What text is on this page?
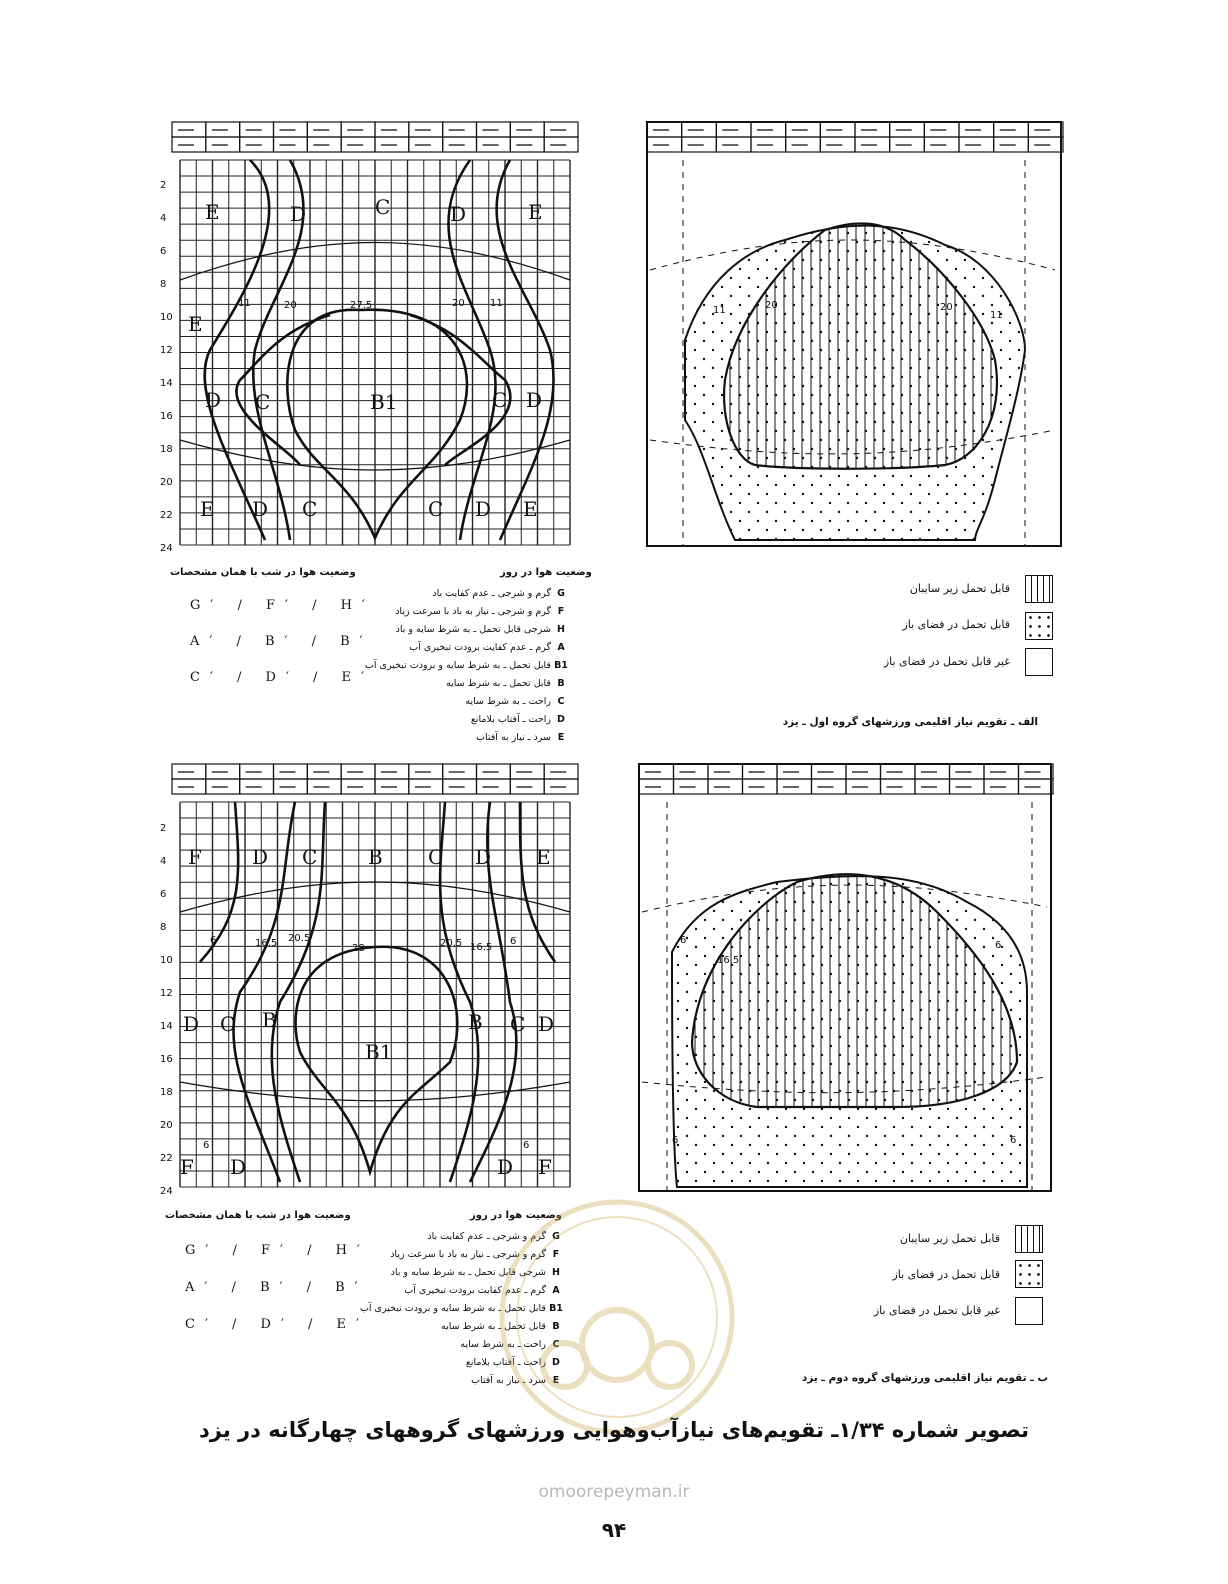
2
4
6
8
10
12
14
16
18
20
22
24
2
4
6
8
10
12
14
16
18
20
22
24
E	D	C	D	E
E
D C	B1	C D
E D C	C D E
11	20	27.5	20	11
11	20	20
11
F	D C	B C D E
D C B
B1
B C D
6
F D	D
6
F
6	16.5 20.5
28	20.5 16.5
6	6
16.5
6
6	6
وضعیت هوا در روز
وضعیت هوا در شب با همان مشخصات
G گرم و شرجی ـ عدم کفایت باد
F گرم و شرجی ـ نیاز به باد با سرعت زیاد
H شرجی قابل تحمل ـ به شرط سایه و باد
A گرم ـ عدم کفایت برودت تبخیری آب
B1 قابل تحمل ـ به شرط سایه و برودت تبخیری آب
B قابل تحمل ـ به شرط سایه
C راحت ـ به شرط سایه
D راحت ـ آفتاب بلامانع
E سرد ـ نیاز به آفتاب
G′ / F′ / H′
A′ / B′ / B′
C′ / D′ / E′
قابل تحمل زیر سایبان
قابل تحمل در فضای باز
غیر قابل تحمل در فضای باز
الف ـ تقویم نیاز اقلیمی ورزشهای گروه اول ـ یزد
وضعیت هوا در روز
وضعیت هوا در شب با همان مشخصات
G گرم و شرجی ـ عدم کفایت باد
F گرم و شرجی ـ نیاز به باد با سرعت زیاد
H شرجی قابل تحمل ـ به شرط سایه و باد
A گرم ـ عدم کفایت برودت تبخیری آب
B1 قابل تحمل ـ به شرط سایه و برودت تبخیری آب
B قابل تحمل ـ به شرط سایه
C راحت ـ به شرط سایه
D راحت ـ آفتاب بلامانع
E سرد ـ نیاز به آفتاب
G′ / F′ / H′
A′ / B′ / B′
C′ / D′ / E′
قابل تحمل زیر سایبان
قابل تحمل در فضای باز
غیر قابل تحمل در فضای باز
ب ـ تقویم نیاز اقلیمی ورزشهای گروه دوم ـ یزد
تصویر شماره ۱/۳۴ـ تقویم‌های نیازآب‌وهوایی ورزشهای گروههای چهارگانه در یزد
omoorepeyman.ir
۹۴
